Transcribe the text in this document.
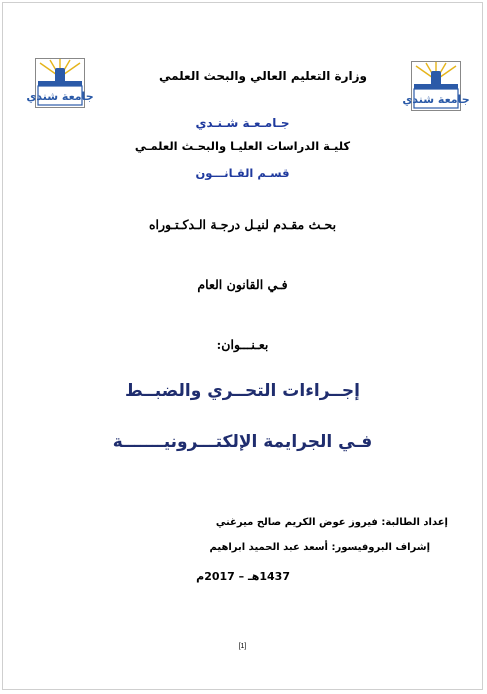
جامعة شندي	جامعة شندي
وزارة التعليم العالي والبحث العلمي
جـامـعـة شـنـدي
كليـة الدراسات العليـا والبحـث العلمـي
قسـم القـانـــون
بحـث مقـدم لنيـل درجـة الـدكـتـوراه
فـي القانون العام
بعـنـــوان:
إجــراءات التحــري والضبــط
فـي الجرايمة الإلكتـــرونيـــــــة
إعداد الطالبة: فيروز عوض الكريم صالح ميرغني
إشراف البروفيسور: أسعد عبد الحميد ابراهيم
1437هـ – 2017م
[1]
